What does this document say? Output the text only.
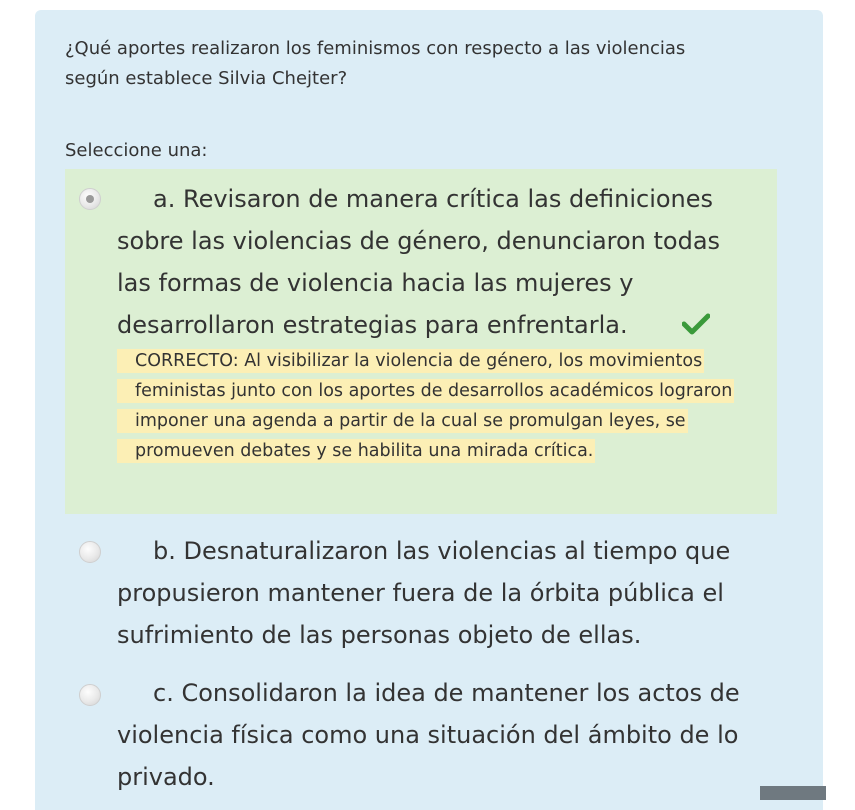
¿Qué aportes realizaron los feminismos con respecto a las violencias según establece Silvia Chejter?
Seleccione una:
a. Revisaron de manera crítica las definiciones sobre las violencias de género, denunciaron todas las formas de violencia hacia las mujeres y desarrollaron estrategias para enfrentarla.
CORRECTO: Al visibilizar la violencia de género, los movimientos feministas junto con los aportes de desarrollos académicos lograron imponer una agenda a partir de la cual se promulgan leyes, se promueven debates y se habilita una mirada crítica.
b. Desnaturalizaron las violencias al tiempo que propusieron mantener fuera de la órbita pública el sufrimiento de las personas objeto de ellas.
c. Consolidaron la idea de mantener los actos de violencia física como una situación del ámbito de lo privado.
